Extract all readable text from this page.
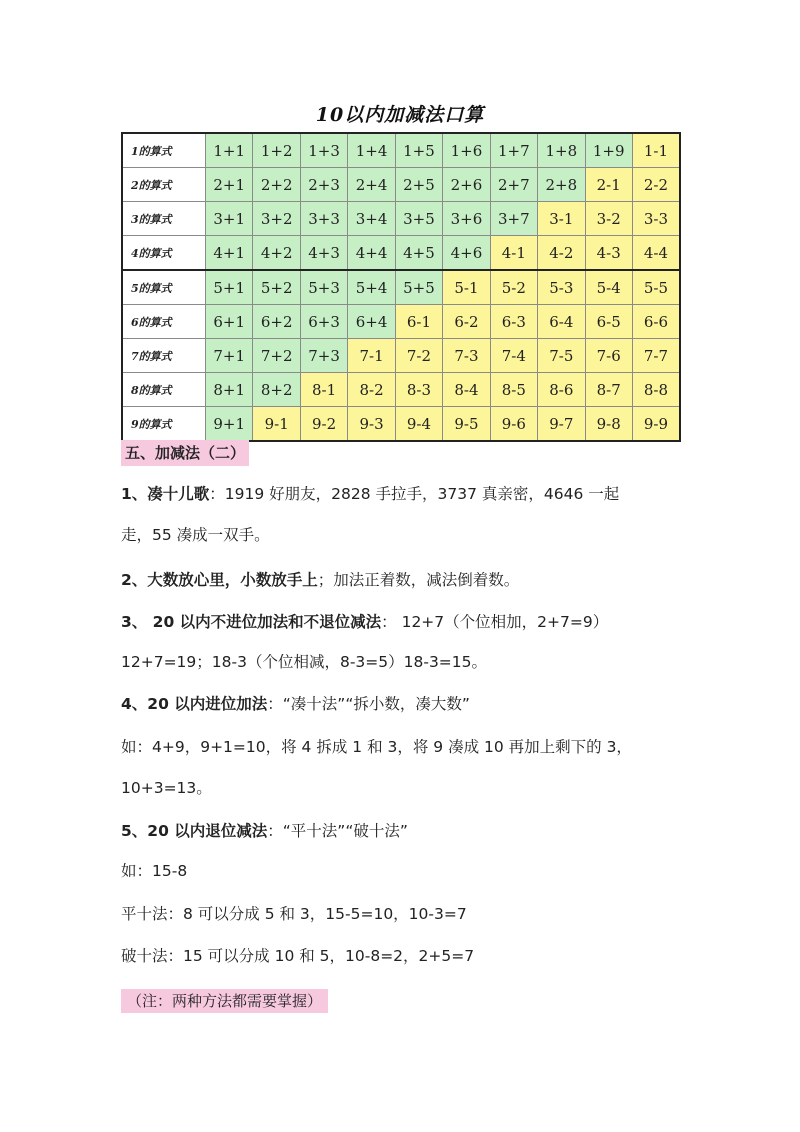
10以内加减法口算
1的算式	1+1	1+2	1+3	1+4	1+5	1+6	1+7	1+8	1+9	1-1
2的算式	2+1	2+2	2+3	2+4	2+5	2+6	2+7	2+8	2-1	2-2
3的算式	3+1	3+2	3+3	3+4	3+5	3+6	3+7	3-1	3-2	3-3
4的算式	4+1	4+2	4+3	4+4	4+5	4+6	4-1	4-2	4-3	4-4
5的算式	5+1	5+2	5+3	5+4	5+5	5-1	5-2	5-3	5-4	5-5
6的算式	6+1	6+2	6+3	6+4	6-1	6-2	6-3	6-4	6-5	6-6
7的算式	7+1	7+2	7+3	7-1	7-2	7-3	7-4	7-5	7-6	7-7
8的算式	8+1	8+2	8-1	8-2	8-3	8-4	8-5	8-6	8-7	8-8
9的算式	9+1	9-1	9-2	9-3	9-4	9-5	9-6	9-7	9-8	9-9
五、加减法（二）
1、凑十儿歌：1919 好朋友，2828 手拉手，3737 真亲密，4646 一起
走，55 凑成一双手。
2、大数放心里，小数放手上；加法正着数，减法倒着数。
3、 20 以内不进位加法和不退位减法： 12+7（个位相加，2+7=9）
12+7=19；18-3（个位相减，8-3=5）18-3=15。
4、20 以内进位加法：“凑十法”“拆小数，凑大数”
如：4+9，9+1=10，将 4 拆成 1 和 3，将 9 凑成 10 再加上剩下的 3，
10+3=13。
5、20 以内退位减法：“平十法”“破十法”
如：15-8
平十法：8 可以分成 5 和 3，15-5=10，10-3=7
破十法：15 可以分成 10 和 5，10-8=2，2+5=7
（注：两种方法都需要掌握）
